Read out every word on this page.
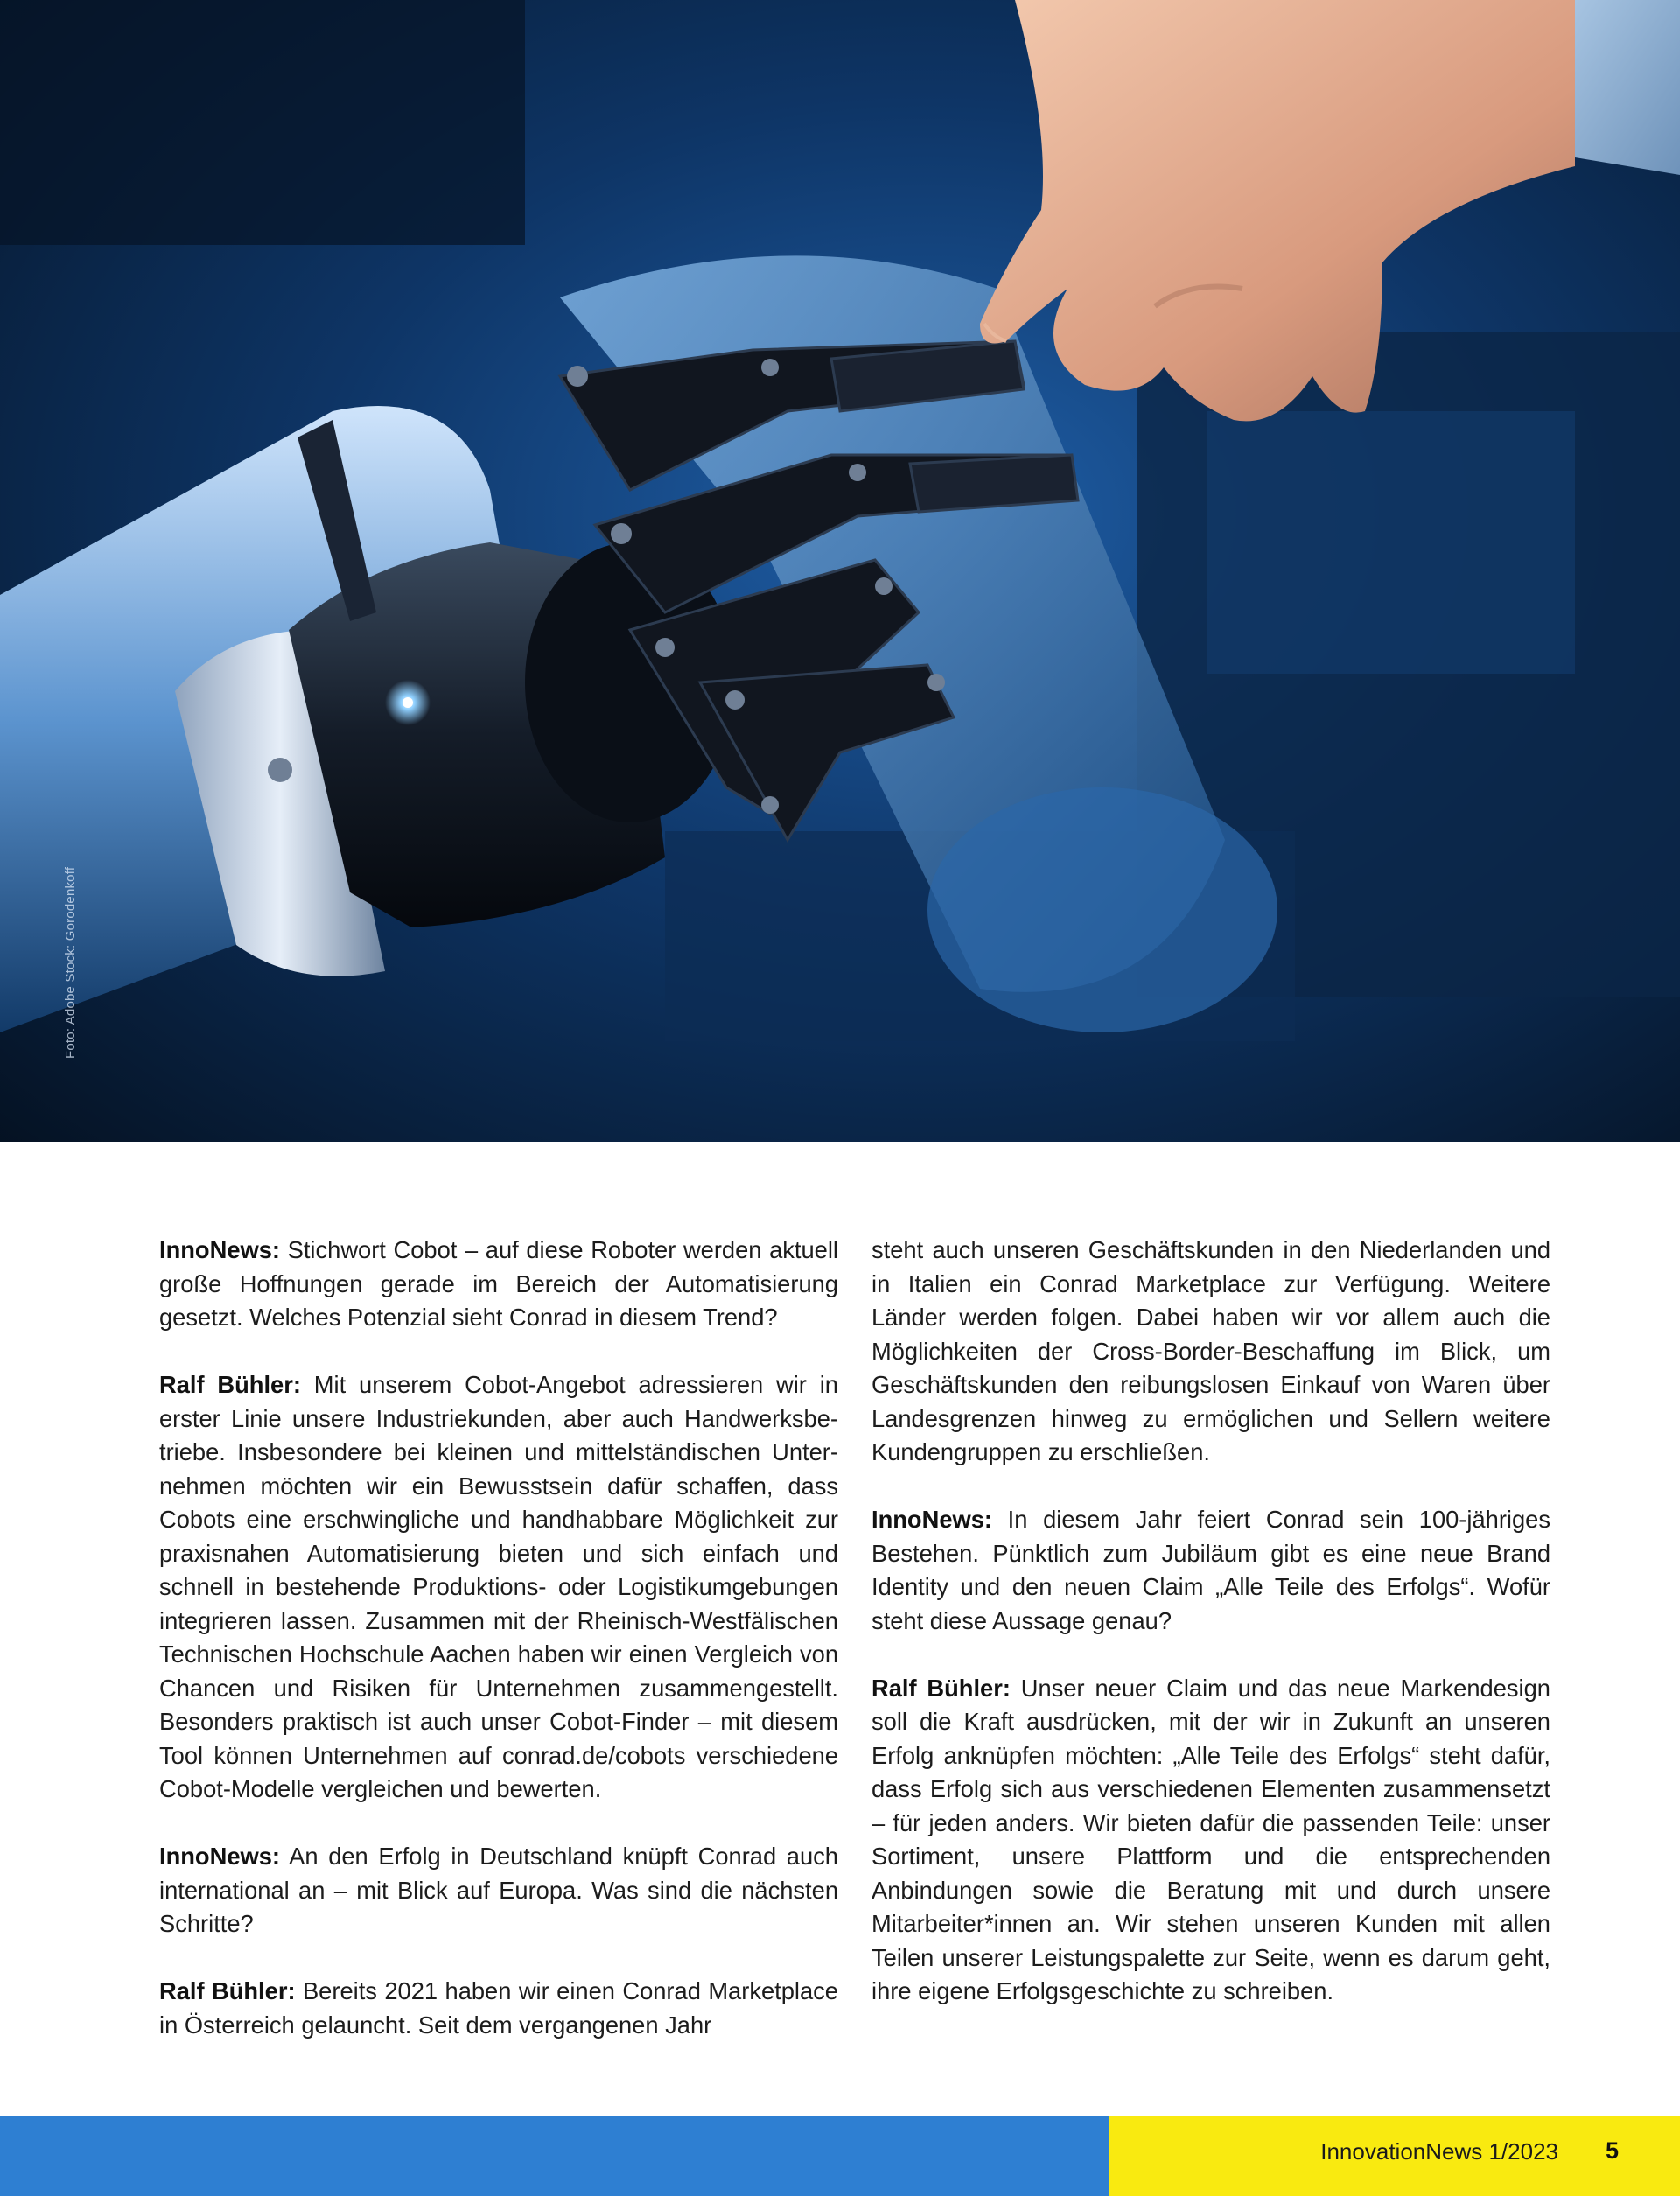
Foto: Adobe Stock: Gorodenkoff

InnoNews: Stichwort Cobot – auf diese Roboter werden aktuell große Hoffnungen gerade im Bereich der Automatisierung gesetzt. Welches Potenzial sieht Conrad in diesem Trend?

Ralf Bühler: Mit unserem Cobot-Angebot adressieren wir in erster Linie unsere Industriekunden, aber auch Handwerksbetriebe. Insbesondere bei kleinen und mittelständischen Unternehmen möchten wir ein Bewusstsein dafür schaffen, dass Cobots eine erschwingliche und handhabbare Möglichkeit zur praxisnahen Automatisierung bieten und sich einfach und schnell in bestehende Produktions- oder Logistikumgebungen integrieren lassen. Zusammen mit der Rheinisch-Westfälischen Technischen Hochschule Aachen haben wir einen Vergleich von Chancen und Risiken für Unternehmen zusammengestellt. Besonders praktisch ist auch unser Cobot-Finder – mit diesem Tool können Unternehmen auf conrad.de/cobots verschiedene Cobot-Modelle vergleichen und bewerten.

InnoNews: An den Erfolg in Deutschland knüpft Conrad auch international an – mit Blick auf Europa. Was sind die nächsten Schritte?

Ralf Bühler: Bereits 2021 haben wir einen Conrad Marketplace in Österreich gelauncht. Seit dem vergangenen Jahr

steht auch unseren Geschäftskunden in den Niederlanden und in Italien ein Conrad Marketplace zur Verfügung. Weitere Länder werden folgen. Dabei haben wir vor allem auch die Möglichkeiten der Cross-Border-Beschaffung im Blick, um Geschäftskunden den reibungslosen Einkauf von Waren über Landesgrenzen hinweg zu ermöglichen und Sellern weitere Kundengruppen zu erschließen.

InnoNews: In diesem Jahr feiert Conrad sein 100-jähriges Bestehen. Pünktlich zum Jubiläum gibt es eine neue Brand Identity und den neuen Claim „Alle Teile des Erfolgs“. Wofür steht diese Aussage genau?

Ralf Bühler: Unser neuer Claim und das neue Markendesign soll die Kraft ausdrücken, mit der wir in Zukunft an unseren Erfolg anknüpfen möchten: „Alle Teile des Erfolgs“ steht dafür, dass Erfolg sich aus verschiedenen Elementen zusammensetzt – für jeden anders. Wir bieten dafür die passenden Teile: unser Sortiment, unsere Plattform und die entsprechenden Anbindungen sowie die Beratung mit und durch unsere Mitarbeiter*innen an. Wir stehen unseren Kunden mit allen Teilen unserer Leistungspalette zur Seite, wenn es darum geht, ihre eigene Erfolgsgeschichte zu schreiben.

InnovationNews 1/2023 5
